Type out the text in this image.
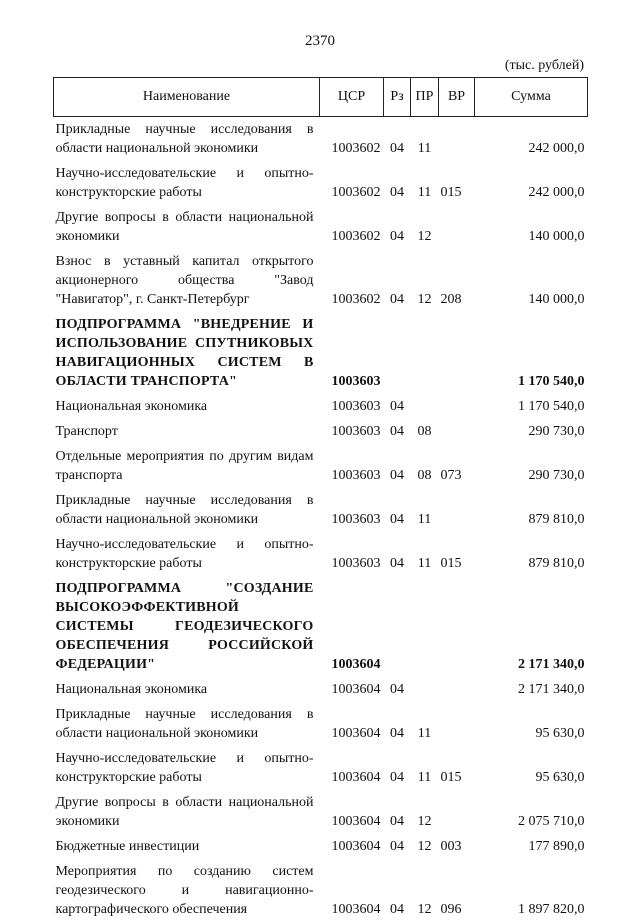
2370
(тыс. рублей)
Наименование	ЦСР	Рз	ПР	ВР	Сумма
Прикладные научные исследования в области национальной экономики	1003602	04	11		242 000,0
Научно-исследовательские и опытно-конструкторские работы	1003602	04	11	015	242 000,0
Другие вопросы в области национальной экономики	1003602	04	12		140 000,0
Взнос в уставный капитал открытого акционерного общества "Завод "Навигатор", г. Санкт-Петербург	1003602	04	12	208	140 000,0
ПОДПРОГРАММА "ВНЕДРЕНИЕ И ИСПОЛЬЗОВАНИЕ СПУТНИКОВЫХ НАВИГАЦИОННЫХ СИСТЕМ В ОБЛАСТИ ТРАНСПОРТА"	1003603				1 170 540,0
Национальная экономика	1003603	04			1 170 540,0
Транспорт	1003603	04	08		290 730,0
Отдельные мероприятия по другим видам транспорта	1003603	04	08	073	290 730,0
Прикладные научные исследования в области национальной экономики	1003603	04	11		879 810,0
Научно-исследовательские и опытно-конструкторские работы	1003603	04	11	015	879 810,0
ПОДПРОГРАММА "СОЗДАНИЕ ВЫСОКОЭФФЕКТИВНОЙ СИСТЕМЫ ГЕОДЕЗИЧЕСКОГО ОБЕСПЕЧЕНИЯ РОССИЙСКОЙ ФЕДЕРАЦИИ"	1003604				2 171 340,0
Национальная экономика	1003604	04			2 171 340,0
Прикладные научные исследования в области национальной экономики	1003604	04	11		95 630,0
Научно-исследовательские и опытно-конструкторские работы	1003604	04	11	015	95 630,0
Другие вопросы в области национальной экономики	1003604	04	12		2 075 710,0
Бюджетные инвестиции	1003604	04	12	003	177 890,0
Мероприятия по созданию систем геодезического и навигационно-картографического обеспечения	1003604	04	12	096	1 897 820,0
